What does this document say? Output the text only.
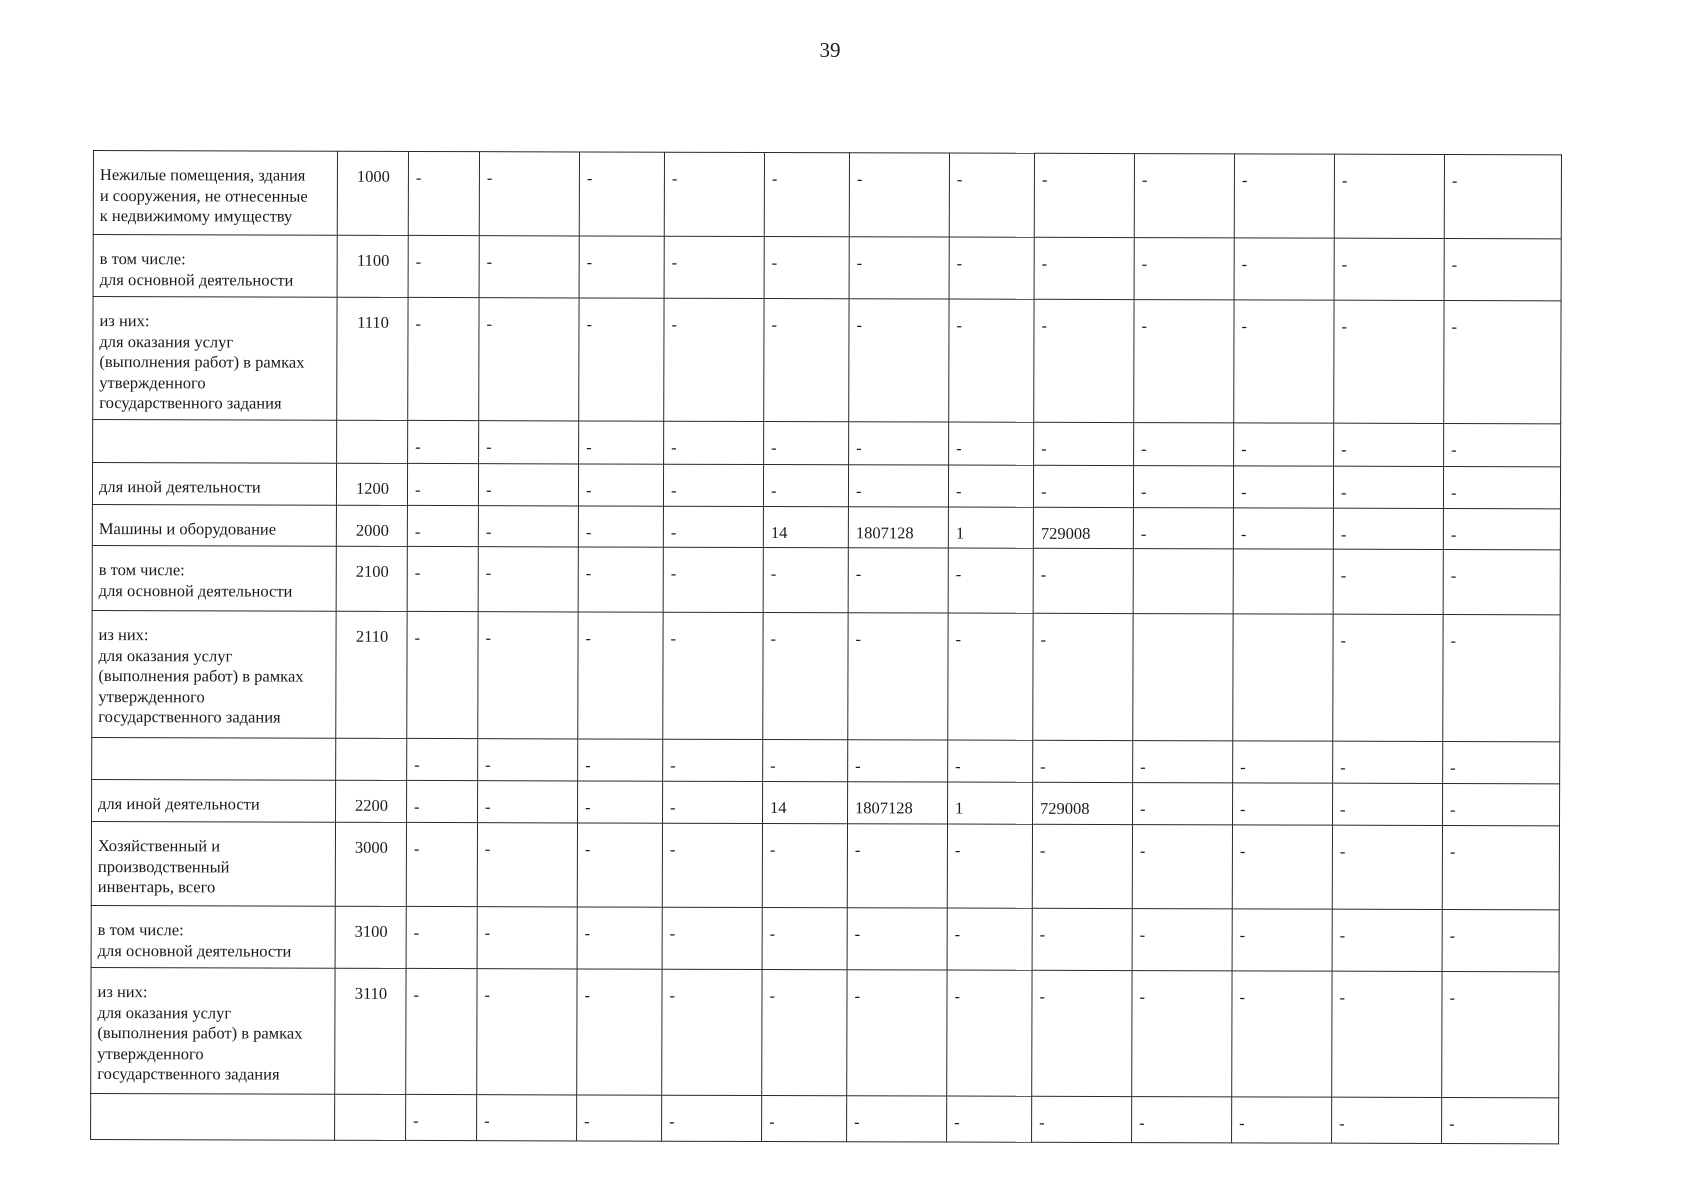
39
Нежилые помещения, здания
и сооружения, не отнесенные
к недвижимому имуществу	1000	-	-	-	-	-	-	-	-	-	-	-	-

в том числе:
для основной деятельности	1100	-	-	-	-	-	-	-	-	-	-	-	-

из них:
для оказания услуг
(выполнения работ) в рамках
утвержденного
государственного задания	1110	-	-	-	-	-	-	-	-	-	-	-	-
		-	-	-	-	-	-	-	-	-	-	-	-

для иной деятельности	1200	-	-	-	-	-	-	-	-	-	-	-	-

Машины и оборудование	2000	-	-	-	-	14	1807128	1	729008	-	-	-	-

в том числе:
для основной деятельности	2100	-	-	-	-	-	-	-	-			-	-

из них:
для оказания услуг
(выполнения работ) в рамках
утвержденного
государственного задания	2110	-	-	-	-	-	-	-	-			-	-
		-	-	-	-	-	-	-	-	-	-	-	-

для иной деятельности	2200	-	-	-	-	14	1807128	1	729008	-	-	-	-

Хозяйственный и
производственный
инвентарь, всего	3000	-	-	-	-	-	-	-	-	-	-	-	-

в том числе:
для основной деятельности	3100	-	-	-	-	-	-	-	-	-	-	-	-

из них:
для оказания услуг
(выполнения работ) в рамках
утвержденного
государственного задания	3110	-	-	-	-	-	-	-	-	-	-	-	-
		-	-	-	-	-	-	-	-	-	-	-	-
